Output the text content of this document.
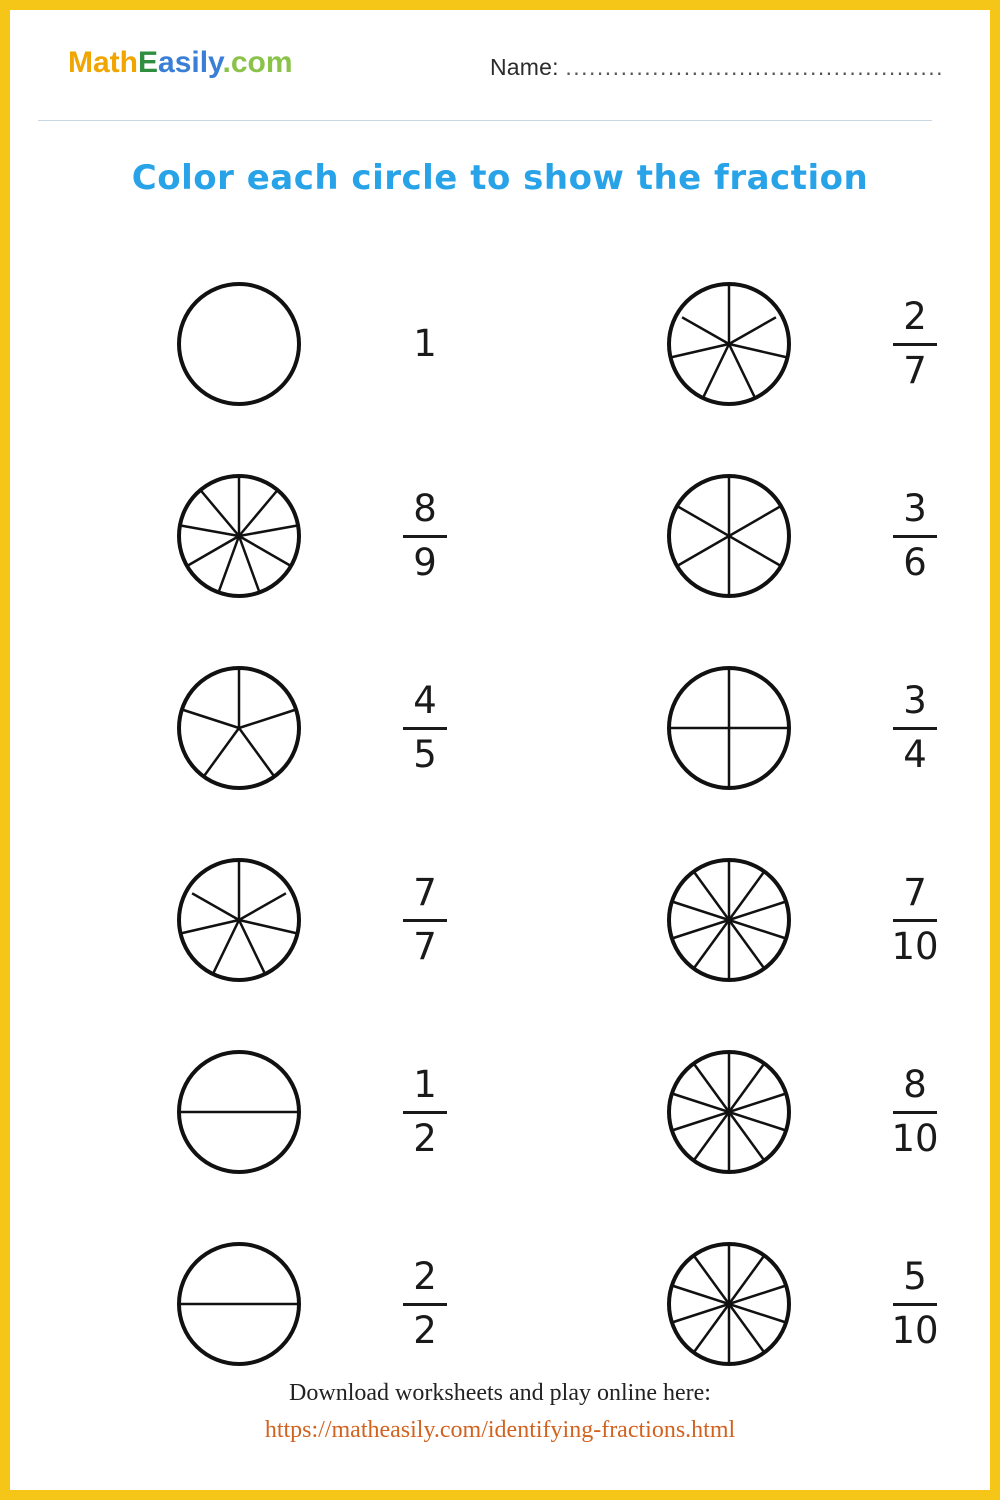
MathEasily.com	Name: ................................................
Color each circle to show the fraction
1	$\frac{2}{7}$
$\frac{8}{9}$	$\frac{3}{6}$
$\frac{4}{5}$	$\frac{3}{4}$
$\frac{7}{7}$	$\frac{7}{10}$
$\frac{1}{2}$	$\frac{8}{10}$
$\frac{2}{2}$	$\frac{5}{10}$
Download worksheets and play online here:
https://matheasily.com/identifying-fractions.html
